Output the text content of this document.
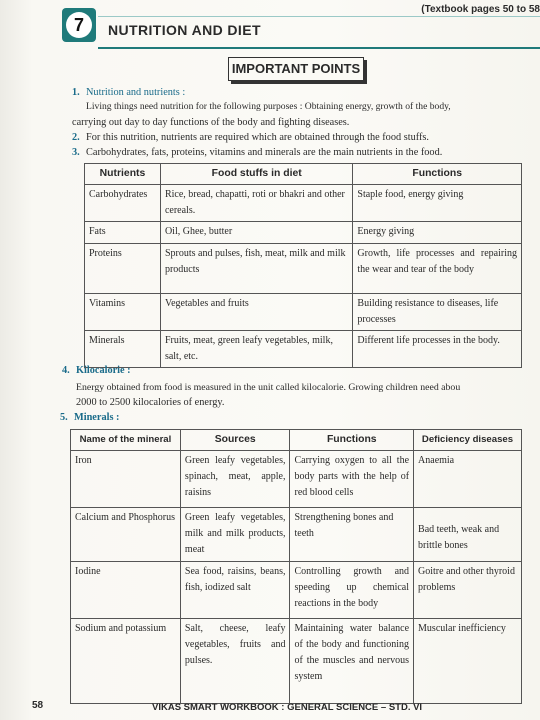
7	NUTRITION AND DIET
(Textbook pages 50 to 58
IMPORTANT POINTS
1. Nutrition and nutrients :
Living things need nutrition for the following purposes : Obtaining energy, growth of the body,
carrying out day to day functions of the body and fighting diseases.
2. For this nutrition, nutrients are required which are obtained through the food stuffs.
3. Carbohydrates, fats, proteins, vitamins and minerals are the main nutrients in the food.
Nutrients	Food stuffs in diet	Functions
Carbohydrates	Rice, bread, chapatti, roti or bhakri and other cereals.	Staple food, energy giving
Fats	Oil, Ghee, butter	Energy giving
Proteins	Sprouts and pulses, fish, meat, milk and milk products	Growth, life processes and repairing the wear and tear of the body
Vitamins	Vegetables and fruits	Building resistance to diseases, life processes
Minerals	Fruits, meat, green leafy vegetables, milk, salt, etc.	Different life processes in the body.
4. Kilocalorie :
Energy obtained from food is measured in the unit called kilocalorie. Growing children need abou
2000 to 2500 kilocalories of energy.
5. Minerals :
Name of the mineral	Sources	Functions	Deficiency diseases
Iron	Green leafy vegetables, spinach, meat, apple, raisins	Carrying oxygen to all the body parts with the help of red blood cells	Anaemia
Calcium and Phosphorus	Green leafy vegetables, milk and milk products, meat	Strengthening bones and teeth	Bad teeth, weak and brittle bones
Iodine	Sea food, raisins, beans, fish, iodized salt	Controlling growth and speeding up chemical reactions in the body	Goitre and other thyroid problems
Sodium and potassium	Salt, cheese, leafy vegetables, fruits and pulses.	Maintaining water balance of the body and functioning of the muscles and nervous system	Muscular inefficiency
58	VIKAS SMART WORKBOOK : GENERAL SCIENCE – STD. VI
